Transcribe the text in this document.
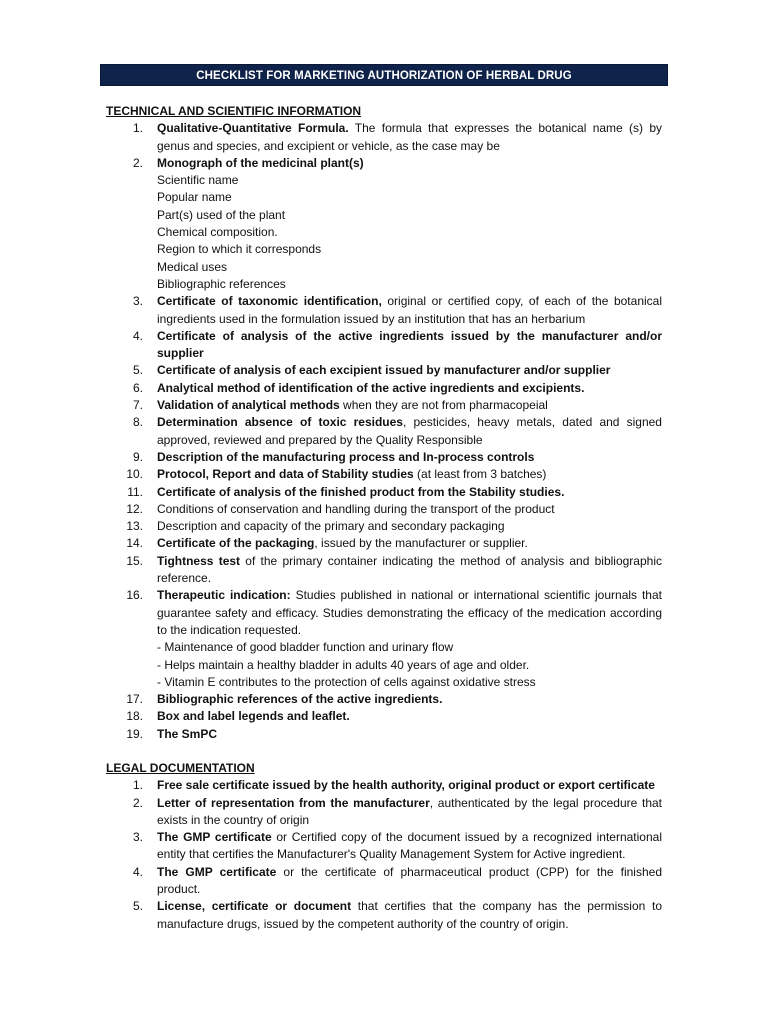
CHECKLIST FOR MARKETING AUTHORIZATION OF HERBAL DRUG
TECHNICAL AND SCIENTIFIC INFORMATION
1.	Qualitative-Quantitative Formula. The formula that expresses the botanical name (s) by genus and species, and excipient or vehicle, as the case may be
2.	Monograph of the medicinal plant(s)
Scientific name
Popular name
Part(s) used of the plant
Chemical composition.
Region to which it corresponds
Medical uses
Bibliographic references
3.	Certificate of taxonomic identification, original or certified copy, of each of the botanical ingredients used in the formulation issued by an institution that has an herbarium
4.	Certificate of analysis of the active ingredients issued by the manufacturer and/or supplier
5.	Certificate of analysis of each excipient issued by manufacturer and/or supplier
6.	Analytical method of identification of the active ingredients and excipients.
7.	Validation of analytical methods when they are not from pharmacopeial
8.	Determination absence of toxic residues, pesticides, heavy metals, dated and signed approved, reviewed and prepared by the Quality Responsible
9.	Description of the manufacturing process and In-process controls
10.	Protocol, Report and data of Stability studies (at least from 3 batches)
11.	Certificate of analysis of the finished product from the Stability studies.
12.	Conditions of conservation and handling during the transport of the product
13.	Description and capacity of the primary and secondary packaging
14.	Certificate of the packaging, issued by the manufacturer or supplier.
15.	Tightness test of the primary container indicating the method of analysis and bibliographic reference.
16.	Therapeutic indication: Studies published in national or international scientific journals that guarantee safety and efficacy. Studies demonstrating the efficacy of the medication according to the indication requested.
- Maintenance of good bladder function and urinary flow
- Helps maintain a healthy bladder in adults 40 years of age and older.
- Vitamin E contributes to the protection of cells against oxidative stress
17.	Bibliographic references of the active ingredients.
18.	Box and label legends and leaflet.
19.	The SmPC
LEGAL DOCUMENTATION
1.	Free sale certificate issued by the health authority, original product or export certificate
2.	Letter of representation from the manufacturer, authenticated by the legal procedure that exists in the country of origin
3.	The GMP certificate or Certified copy of the document issued by a recognized international entity that certifies the Manufacturer's Quality Management System for Active ingredient.
4.	The GMP certificate or the certificate of pharmaceutical product (CPP) for the finished product.
5.	License, certificate or document that certifies that the company has the permission to manufacture drugs, issued by the competent authority of the country of origin.
